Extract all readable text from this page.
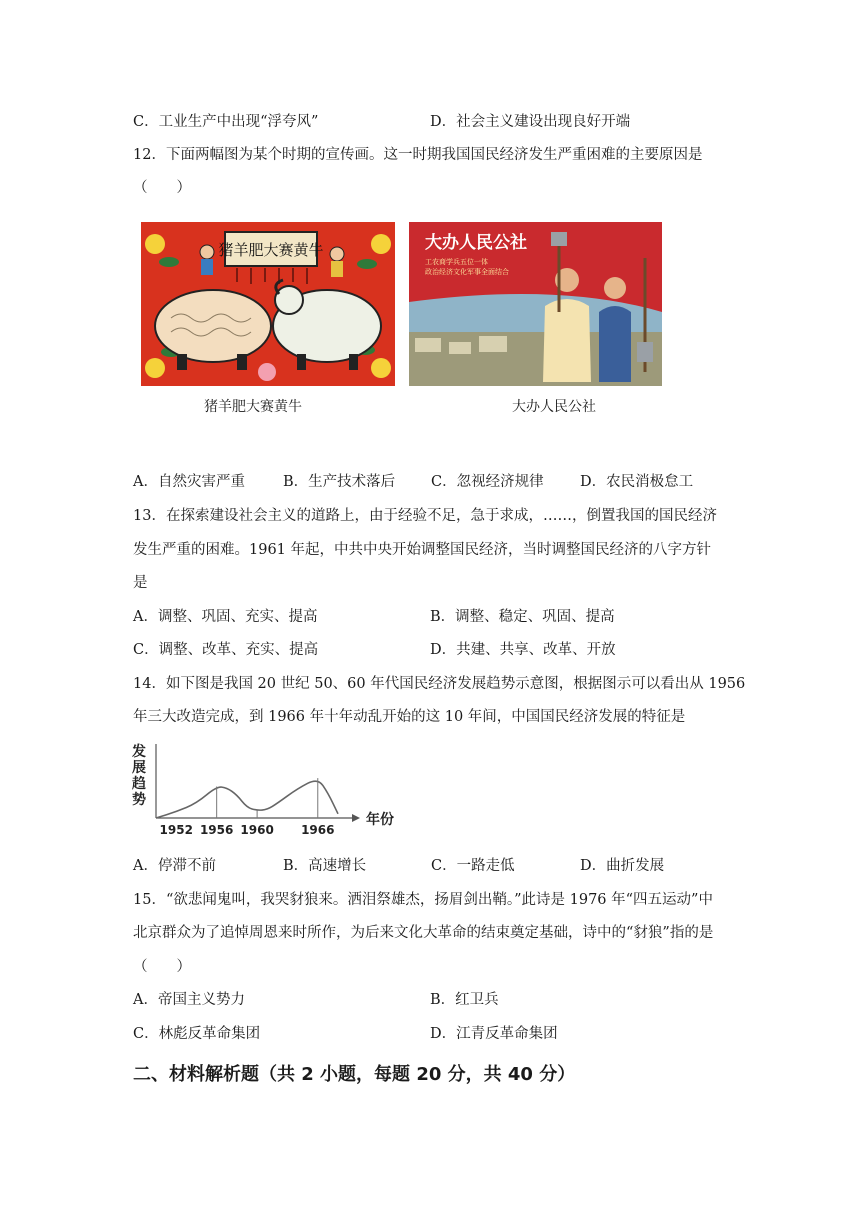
C．工业生产中出现“浮夸风”	D．社会主义建设出现良好开端
12．下面两幅图为某个时期的宣传画。这一时期我国国民经济发生严重困难的主要原因是
（　　）
猪羊肥大赛黄牛
猪羊肥大赛黄牛
大办人民公社
工农商学兵五位一体
政治经济文化军事全面结合
大办人民公社
A．自然灾害严重	B．生产技术落后 C．忽视经济规律	D．农民消极怠工
13．在探索建设社会主义的道路上，由于经验不足，急于求成，……，倒置我国的国民经济
发生严重的困难。1961 年起，中共中央开始调整国民经济，当时调整国民经济的八字方针
是
A．调整、巩固、充实、提高	B．调整、稳定、巩固、提高
C．调整、改革、充实、提高	D．共建、共享、改革、开放
14．如下图是我国 20 世纪 50、60 年代国民经济发展趋势示意图，根据图示可以看出从 1956
年三大改造完成，到 1966 年十年动乱开始的这 10 年间，中国国民经济发展的特征是
发
展
趋
势
1952 1956 1960 1966
年份
A．停滞不前	B．高速增长	C．一路走低	D．曲折发展
15．“欲悲闻鬼叫，我哭豺狼来。洒泪祭雄杰，扬眉剑出鞘。”此诗是 1976 年“四五运动”中
北京群众为了追悼周恩来时所作，为后来文化大革命的结束奠定基础，诗中的“豺狼”指的是
（　　）
A．帝国主义势力	B．红卫兵
C．林彪反革命集团	D．江青反革命集团
二、材料解析题（共 2 小题，每题 20 分，共 40 分）
